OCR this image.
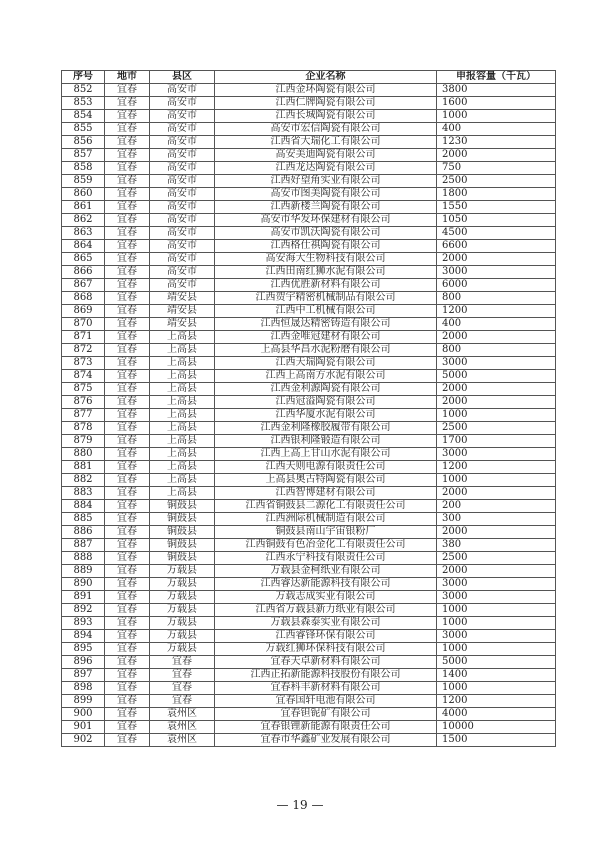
序号	地市	县区	企业名称	申报容量（千瓦）
852	宜春	高安市	江西金环陶瓷有限公司	3800
853	宜春	高安市	江西仁牌陶瓷有限公司	1600
854	宜春	高安市	江西长城陶瓷有限公司	1000
855	宜春	高安市	高安市宏信陶瓷有限公司	400
856	宜春	高安市	江西省大瑞化工有限公司	1230
857	宜春	高安市	高安美迪陶瓷有限公司	2000
858	宜春	高安市	江西龙达陶瓷有限公司	750
859	宜春	高安市	江西好望角实业有限公司	2500
860	宜春	高安市	高安市图美陶瓷有限公司	1800
861	宜春	高安市	江西新楼兰陶瓷有限公司	1550
862	宜春	高安市	高安市华发环保建材有限公司	1050
863	宜春	高安市	高安市凯沃陶瓷有限公司	4500
864	宜春	高安市	江西格仕祺陶瓷有限公司	6600
865	宜春	高安市	高安海大生物科技有限公司	2000
866	宜春	高安市	江西田南红狮水泥有限公司	3000
867	宜春	高安市	江西优胜新材料有限公司	6000
868	宜春	靖安县	江西贺宇精密机械制品有限公司	800
869	宜春	靖安县	江西中工机械有限公司	1200
870	宜春	靖安县	江西恒晟达精密铸造有限公司	400
871	宜春	上高县	江西金唯冠建材有限公司	2000
872	宜春	上高县	上高县华昌水泥粉磨有限公司	800
873	宜春	上高县	江西天瑞陶瓷有限公司	3000
874	宜春	上高县	江西上高南方水泥有限公司	5000
875	宜春	上高县	江西金利源陶瓷有限公司	2000
876	宜春	上高县	江西冠溢陶瓷有限公司	2000
877	宜春	上高县	江西华厦水泥有限公司	1000
878	宜春	上高县	江西金利隆橡胶履带有限公司	2500
879	宜春	上高县	江西银利隆锻造有限公司	1700
880	宜春	上高县	江西上高上甘山水泥有限公司	3000
881	宜春	上高县	江西天则电源有限责任公司	1200
882	宜春	上高县	上高县奥古特陶瓷有限公司	1000
883	宜春	上高县	江西智博建材有限公司	2000
884	宜春	铜鼓县	江西省铜鼓县二源化工有限责任公司	200
885	宜春	铜鼓县	江西洲际机械制造有限公司	300
886	宜春	铜鼓县	铜鼓县南山宇宙银粉厂	2000
887	宜春	铜鼓县	江西铜鼓有色冶金化工有限责任公司	380
888	宜春	铜鼓县	江西永宁科技有限责任公司	2500
889	宜春	万载县	万载县金柯纸业有限公司	2000
890	宜春	万载县	江西睿达新能源科技有限公司	3000
891	宜春	万载县	万载志成实业有限公司	3000
892	宜春	万载县	江西省万载县新力纸业有限公司	1000
893	宜春	万载县	万载县森泰实业有限公司	1000
894	宜春	万载县	江西睿锋环保有限公司	3000
895	宜春	万载县	万载红狮环保科技有限公司	1000
896	宜春	宜春	宜春天卓新材料有限公司	5000
897	宜春	宜春	江西正拓新能源科技股份有限公司	1400
898	宜春	宜春	宜春科丰新材料有限公司	1000
899	宜春	宜春	宜春国轩电池有限公司	1200
900	宜春	袁州区	宜春钽铌矿有限公司	4000
901	宜春	袁州区	宜春银锂新能源有限责任公司	10000
902	宜春	袁州区	宜春市华鑫矿业发展有限公司	1500
— 19 —
